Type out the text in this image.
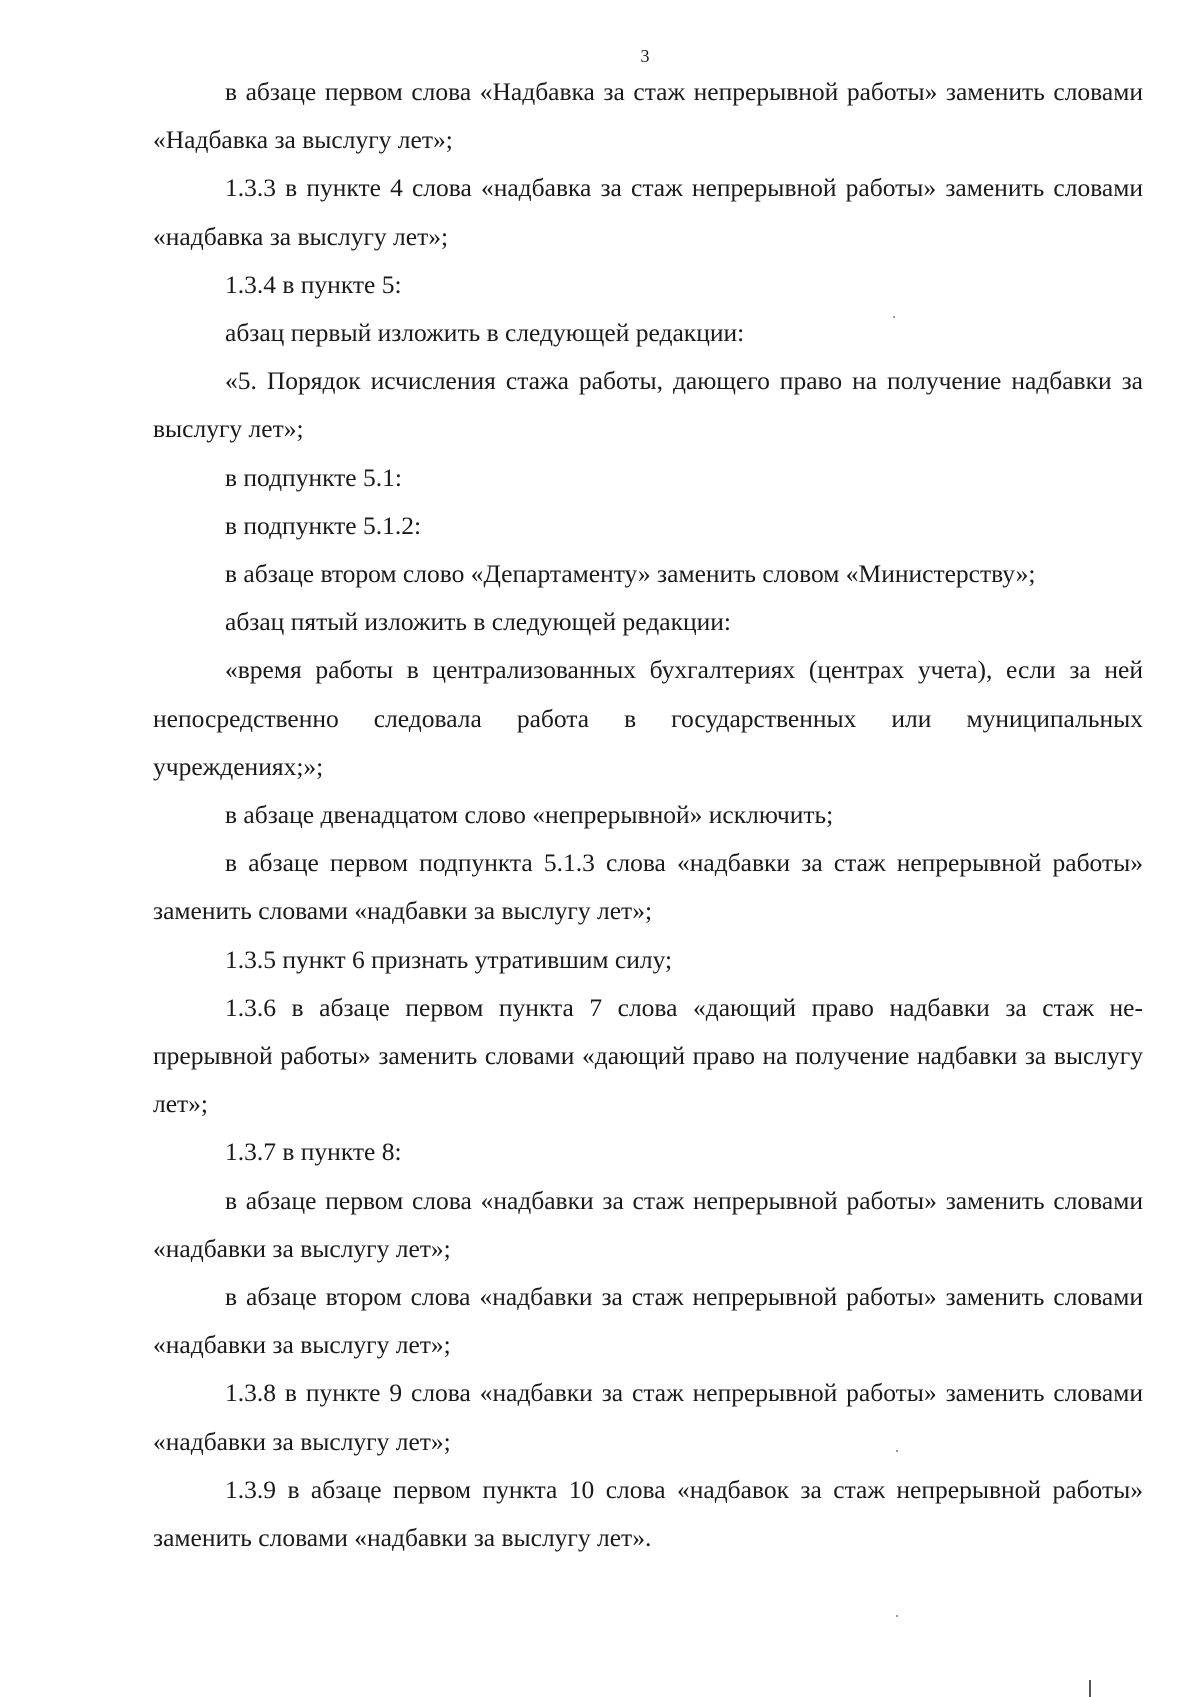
3

в абзаце первом слова «Надбавка за стаж непрерывной работы» заменить словами «Надбавка за выслугу лет»;

1.3.3 в пункте 4 слова «надбавка за стаж непрерывной работы» заменить словами «надбавка за выслугу лет»;

1.3.4 в пункте 5:

абзац первый изложить в следующей редакции:

«5. Порядок исчисления стажа работы, дающего право на получение надбавки за выслугу лет»;

в подпункте 5.1:

в подпункте 5.1.2:

в абзаце втором слово «Департаменту» заменить словом «Министерству»;

абзац пятый изложить в следующей редакции:

«время работы в централизованных бухгалтериях (центрах учета), если за ней непосредственно следовала работа в государственных или муниципальных учреждениях;»;

в абзаце двенадцатом слово «непрерывной» исключить;

в абзаце первом подпункта 5.1.3 слова «надбавки за стаж непрерывной работы» заменить словами «надбавки за выслугу лет»;

1.3.5 пункт 6 признать утратившим силу;

1.3.6 в абзаце первом пункта 7 слова «дающий право надбавки за стаж непрерывной работы» заменить словами «дающий право на получение надбавки за выслугу лет»;

1.3.7 в пункте 8:

в абзаце первом слова «надбавки за стаж непрерывной работы» заменить словами «надбавки за выслугу лет»;

в абзаце втором слова «надбавки за стаж непрерывной работы» заменить словами «надбавки за выслугу лет»;

1.3.8 в пункте 9 слова «надбавки за стаж непрерывной работы» заменить словами «надбавки за выслугу лет»;

1.3.9 в абзаце первом пункта 10 слова «надбавок за стаж непрерывной работы» заменить словами «надбавки за выслугу лет».
